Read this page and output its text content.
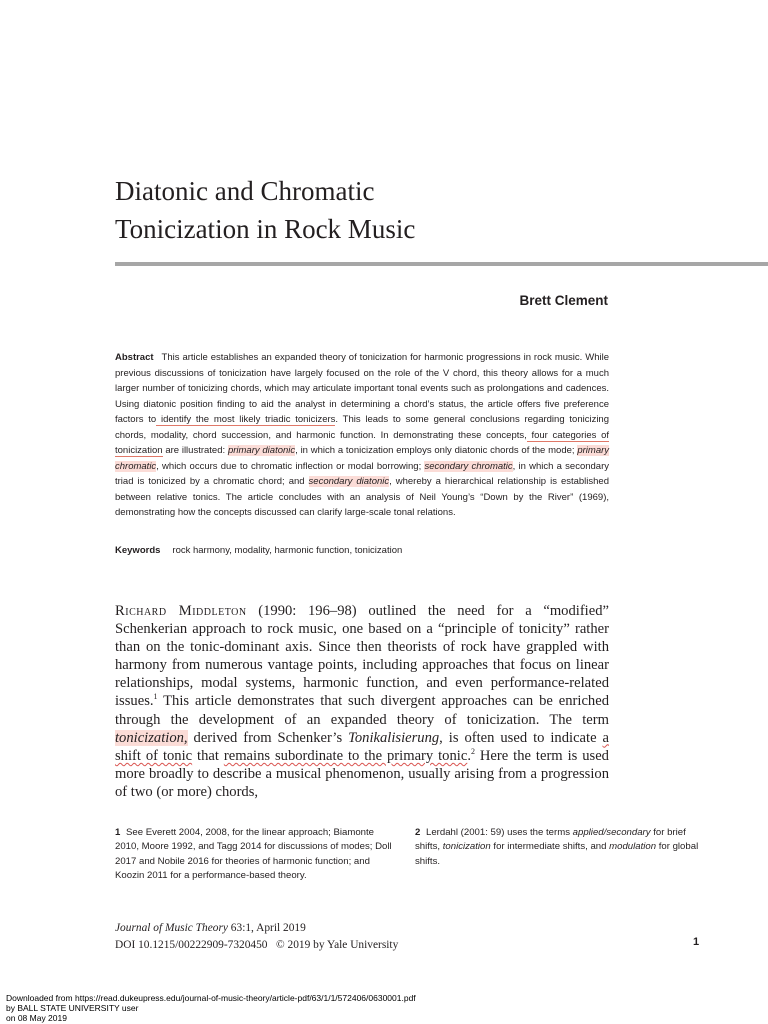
Diatonic and Chromatic
Tonicization in Rock Music
Brett Clement
Abstract This article establishes an expanded theory of tonicization for harmonic progressions in rock music. While previous discussions of tonicization have largely focused on the role of the V chord, this theory allows for a much larger number of tonicizing chords, which may articulate important tonal events such as prolongations and cadences. Using diatonic position finding to aid the analyst in determining a chord’s status, the article offers five preference factors to identify the most likely triadic tonicizers. This leads to some general conclusions regarding tonicizing chords, modality, chord succession, and harmonic function. In demonstrating these concepts, four categories of tonicization are illustrated: primary diatonic, in which a tonicization employs only diatonic chords of the mode; primary chromatic, which occurs due to chromatic inflection or modal borrowing; secondary chromatic, in which a secondary triad is tonicized by a chromatic chord; and secondary diatonic, whereby a hierarchical relationship is established between relative tonics. The article concludes with an analysis of Neil Young’s “Down by the River” (1969), demonstrating how the concepts discussed can clarify large-scale tonal relations.
Keywords rock harmony, modality, harmonic function, tonicization
Richard Middleton (1990: 196–98) outlined the need for a “modified” Schenkerian approach to rock music, one based on a “principle of tonicity” rather than on the tonic-dominant axis. Since then theorists of rock have grappled with harmony from numerous vantage points, including approaches that focus on linear relationships, modal systems, harmonic function, and even performance-related issues.$^1$ This article demonstrates that such divergent approaches can be enriched through the development of an expanded theory of tonicization. The term tonicization, derived from Schenker’s Tonikalisierung, is often used to indicate a shift of tonic that remains subordinate to the primary tonic.$^2$ Here the term is used more broadly to describe a musical phenomenon, usually arising from a progression of two (or more) chords,
1 See Everett 2004, 2008, for the linear approach; Biamonte 2010, Moore 1992, and Tagg 2014 for discussions of modes; Doll 2017 and Nobile 2016 for theories of harmonic function; and Koozin 2011 for a performance-based theory.
2 Lerdahl (2001: 59) uses the terms applied/secondary for brief shifts, tonicization for intermediate shifts, and modulation for global shifts.
Journal of Music Theory 63:1, April 2019
DOI 10.1215/00222909-7320450   © 2019 by Yale University	1
Downloaded from https://read.dukeupress.edu/journal-of-music-theory/article-pdf/63/1/1/572406/0630001.pdf
by BALL STATE UNIVERSITY user
on 08 May 2019
